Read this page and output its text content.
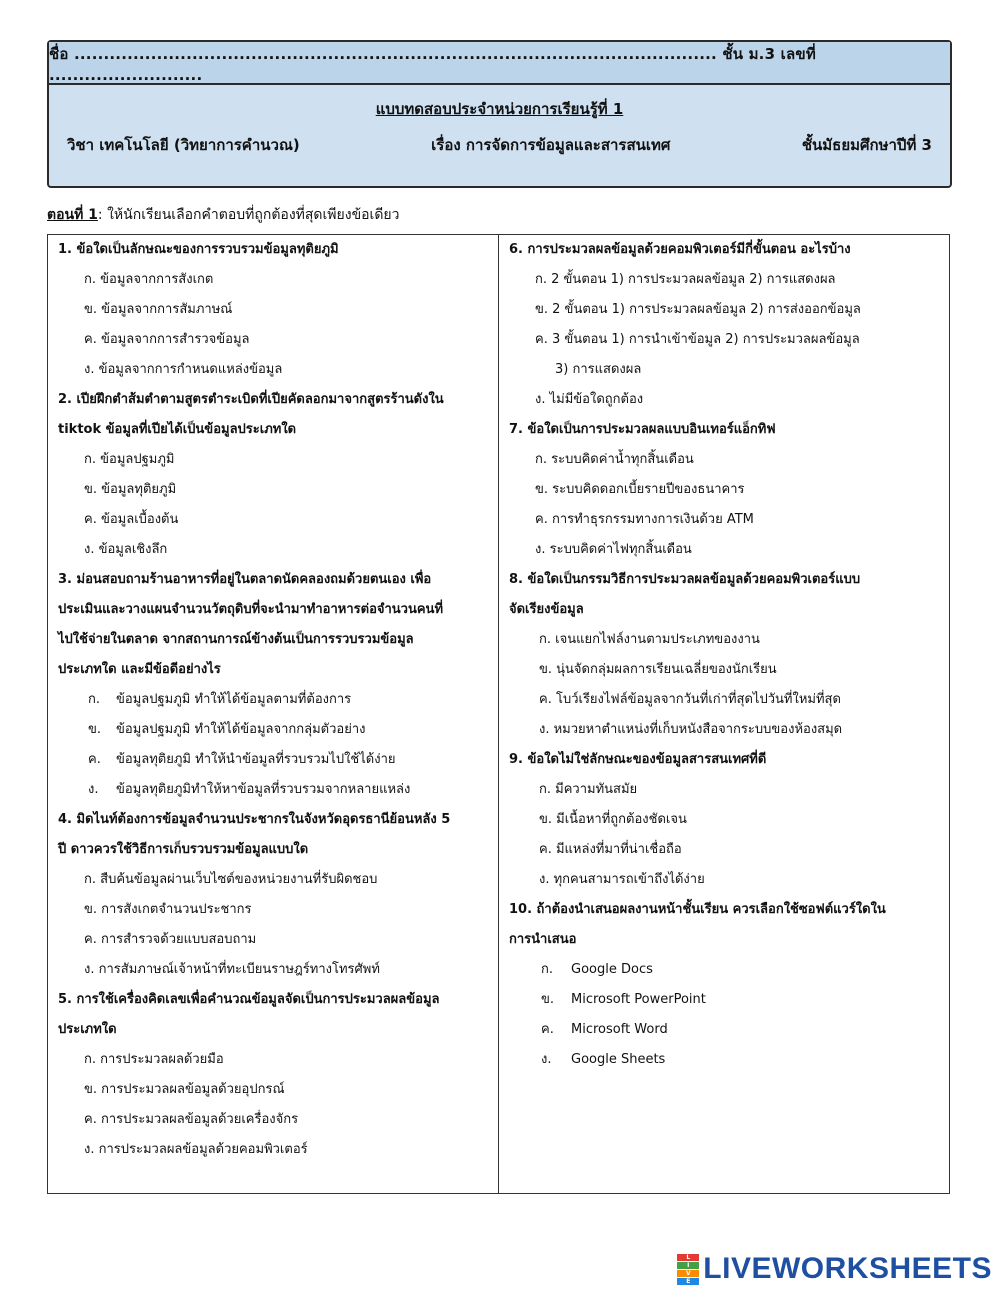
ชื่อ ............................................................................................................. ชั้น ม.3 เลขที่ ..........................
แบบทดสอบประจำหน่วยการเรียนรู้ที่ 1
วิชา เทคโนโลยี (วิทยาการคำนวณ)	เรื่อง การจัดการข้อมูลและสารสนเทศ	ชั้นมัธยมศึกษาปีที่ 3
ตอนที่ 1: ให้นักเรียนเลือกคำตอบที่ถูกต้องที่สุดเพียงข้อเดียว
1. ข้อใดเป็นลักษณะของการรวบรวมข้อมูลทุติยภูมิ
ก. ข้อมูลจากการสังเกต
ข. ข้อมูลจากการสัมภาษณ์
ค. ข้อมูลจากการสำรวจข้อมูล
ง. ข้อมูลจากการกำหนดแหล่งข้อมูล
2. เปียฝึกตำส้มตำตามสูตรตำระเบิดที่เปียคัดลอกมาจากสูตรร้านดังใน
tiktok ข้อมูลที่เปียได้เป็นข้อมูลประเภทใด
ก. ข้อมูลปฐมภูมิ
ข. ข้อมูลทุติยภูมิ
ค. ข้อมูลเบื้องต้น
ง. ข้อมูลเชิงลึก
3. ม่อนสอบถามร้านอาหารที่อยู่ในตลาดนัดคลองถมด้วยตนเอง เพื่อ
ประเมินและวางแผนจำนวนวัตถุดิบที่จะนำมาทำอาหารต่อจำนวนคนที่
ไปใช้จ่ายในตลาด จากสถานการณ์ข้างต้นเป็นการรวบรวมข้อมูล
ประเภทใด และมีข้อดีอย่างไร
ก. ข้อมูลปฐมภูมิ ทำให้ได้ข้อมูลตามที่ต้องการ
ข. ข้อมูลปฐมภูมิ ทำให้ได้ข้อมูลจากกลุ่มตัวอย่าง
ค. ข้อมูลทุติยภูมิ ทำให้นำข้อมูลที่รวบรวมไปใช้ได้ง่าย
ง. ข้อมูลทุติยภูมิทำให้หาข้อมูลที่รวบรวมจากหลายแหล่ง
4. มิดไนท์ต้องการข้อมูลจำนวนประชากรในจังหวัดอุดรธานีย้อนหลัง 5
ปี ดาวควรใช้วิธีการเก็บรวบรวมข้อมูลแบบใด
ก. สืบค้นข้อมูลผ่านเว็บไซต์ของหน่วยงานที่รับผิดชอบ
ข. การสังเกตจำนวนประชากร
ค. การสำรวจด้วยแบบสอบถาม
ง. การสัมภาษณ์เจ้าหน้าที่ทะเบียนราษฎร์ทางโทรศัพท์
5. การใช้เครื่องคิดเลขเพื่อคำนวณข้อมูลจัดเป็นการประมวลผลข้อมูล
ประเภทใด
ก. การประมวลผลด้วยมือ
ข. การประมวลผลข้อมูลด้วยอุปกรณ์
ค. การประมวลผลข้อมูลด้วยเครื่องจักร
ง. การประมวลผลข้อมูลด้วยคอมพิวเตอร์
6. การประมวลผลข้อมูลด้วยคอมพิวเตอร์มีกี่ขั้นตอน อะไรบ้าง
ก. 2 ขั้นตอน 1) การประมวลผลข้อมูล 2) การแสดงผล
ข. 2 ขั้นตอน 1) การประมวลผลข้อมูล 2) การส่งออกข้อมูล
ค. 3 ขั้นตอน 1) การนำเข้าข้อมูล 2) การประมวลผลข้อมูล
3) การแสดงผล
ง. ไม่มีข้อใดถูกต้อง
7. ข้อใดเป็นการประมวลผลแบบอินเทอร์แอ็กทิฟ
ก. ระบบคิดค่าน้ำทุกสิ้นเดือน
ข. ระบบคิดดอกเบี้ยรายปีของธนาคาร
ค. การทำธุรกรรมทางการเงินด้วย ATM
ง. ระบบคิดค่าไฟทุกสิ้นเดือน
8. ข้อใดเป็นกรรมวิธีการประมวลผลข้อมูลด้วยคอมพิวเตอร์แบบ
จัดเรียงข้อมูล
ก. เจนแยกไฟล์งานตามประเภทของงาน
ข. นุ่นจัดกลุ่มผลการเรียนเฉลี่ยของนักเรียน
ค. โบว์เรียงไฟล์ข้อมูลจากวันที่เก่าที่สุดไปวันที่ใหม่ที่สุด
ง. หมวยหาตำแหน่งที่เก็บหนังสือจากระบบของห้องสมุด
9. ข้อใดไม่ใช่ลักษณะของข้อมูลสารสนเทศที่ดี
ก. มีความทันสมัย
ข. มีเนื้อหาที่ถูกต้องชัดเจน
ค. มีแหล่งที่มาที่น่าเชื่อถือ
ง. ทุกคนสามารถเข้าถึงได้ง่าย
10. ถ้าต้องนำเสนอผลงานหน้าชั้นเรียน ควรเลือกใช้ซอฟต์แวร์ใดใน
การนำเสนอ
ก. Google Docs
ข. Microsoft PowerPoint
ค. Microsoft Word
ง. Google Sheets
L
I
V
E LIVEWORKSHEETS
